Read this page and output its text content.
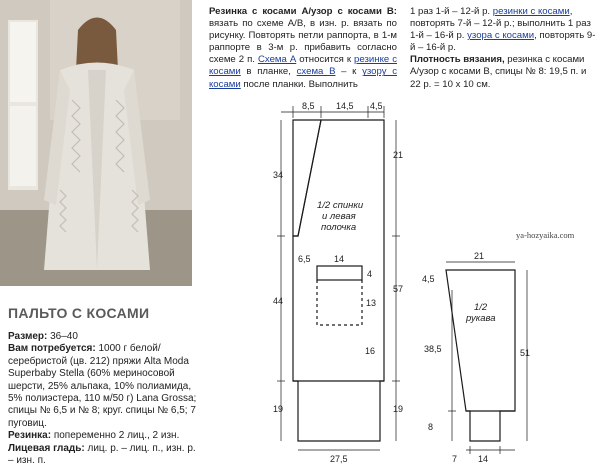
ПАЛЬТО С КОСАМИ

Размер: 36–40

Вам потребуется: 1000 г белой/серебристой (цв. 212) пряжи Alta Moda Superbaby Stella (60% мериносовой шерсти, 25% альпака, 10% полиамида, 5% полиэстера, 110 м/50 г) Lana Grossa; спицы № 6,5 и № 8; круг. спицы № 6,5; 7 пуговиц.

Резинка: попеременно 2 лиц., 2 изн.

Лицевая гладь: лиц. р. – лиц. п., изн. р. – изн. п.

Резинка с косами А/узор с косами В: вязать по схеме А/В, в изн. р. вязать по рисунку. Повторять петли раппорта, в 1-м раппорте в 3-м р. прибавить согласно схеме 2 п. Схема А относится к резинке с косами в планке, схема В – к узору с косами после планки. Выполнить

1 раз 1-й – 12-й р. резинки с косами, повторять 7-й – 12-й р.; выполнить 1 раз 1-й – 16-й р. узора с косами, повторять 9-й – 16-й р.

Плотность вязания, резинка с косами А/узор с косами В, спицы № 8: 19,5 п. и 22 р. = 10 х 10 см.

ya-hozyaika.com
8,5 14,5 4,5
21
34
6,5	14
4
13
57
44
16
19	19
27,5
21
4,5
38,5	51
8
7 14
1/2 спинки
и левая
полочка
1/2
рукава
